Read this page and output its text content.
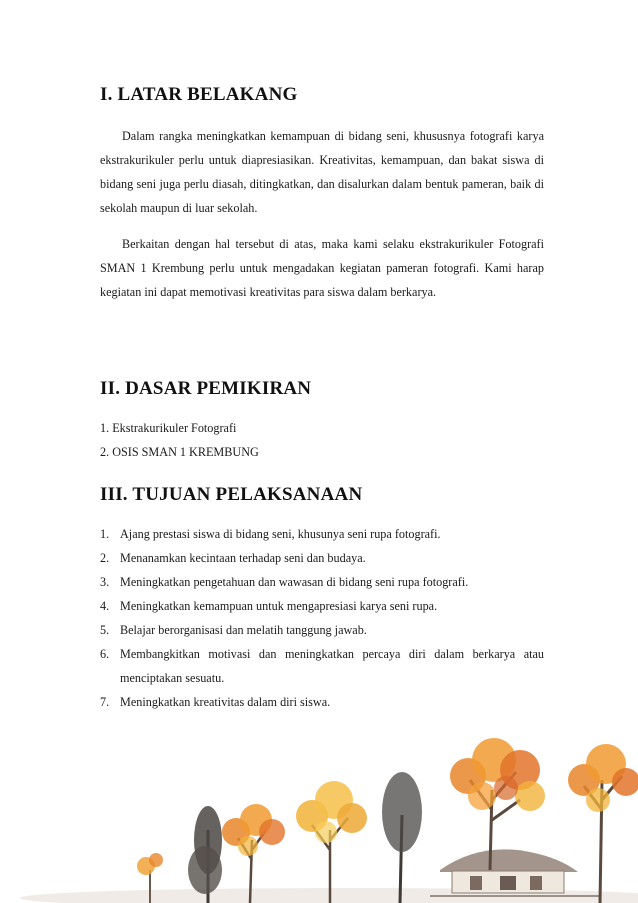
I. LATAR BELAKANG

Dalam rangka meningkatkan kemampuan di bidang seni, khususnya fotografi karya ekstrakurikuler perlu untuk diapresiasikan. Kreativitas, kemampuan, dan bakat siswa di bidang seni juga perlu diasah, ditingkatkan, dan disalurkan dalam bentuk pameran, baik di sekolah maupun di luar sekolah.

Berkaitan dengan hal tersebut di atas, maka kami selaku ekstrakurikuler Fotografi SMAN 1 Krembung perlu untuk mengadakan kegiatan pameran fotografi. Kami harap kegiatan ini dapat memotivasi kreativitas para siswa dalam berkarya.

II. DASAR PEMIKIRAN
1. Ekstrakurikuler Fotografi
2. OSIS SMAN 1 KREMBUNG
III. TUJUAN PELAKSANAAN
1. Ajang prestasi siswa di bidang seni, khusunya seni rupa fotografi.
2. Menanamkan kecintaan terhadap seni dan budaya.
3. Meningkatkan pengetahuan dan wawasan di bidang seni rupa fotografi.
4. Meningkatkan kemampuan untuk mengapresiasi karya seni rupa.
5. Belajar berorganisasi dan melatih tanggung jawab.
6. Membangkitkan motivasi dan meningkatkan percaya diri dalam berkarya atau menciptakan sesuatu.
7. Meningkatkan kreativitas dalam diri siswa.
